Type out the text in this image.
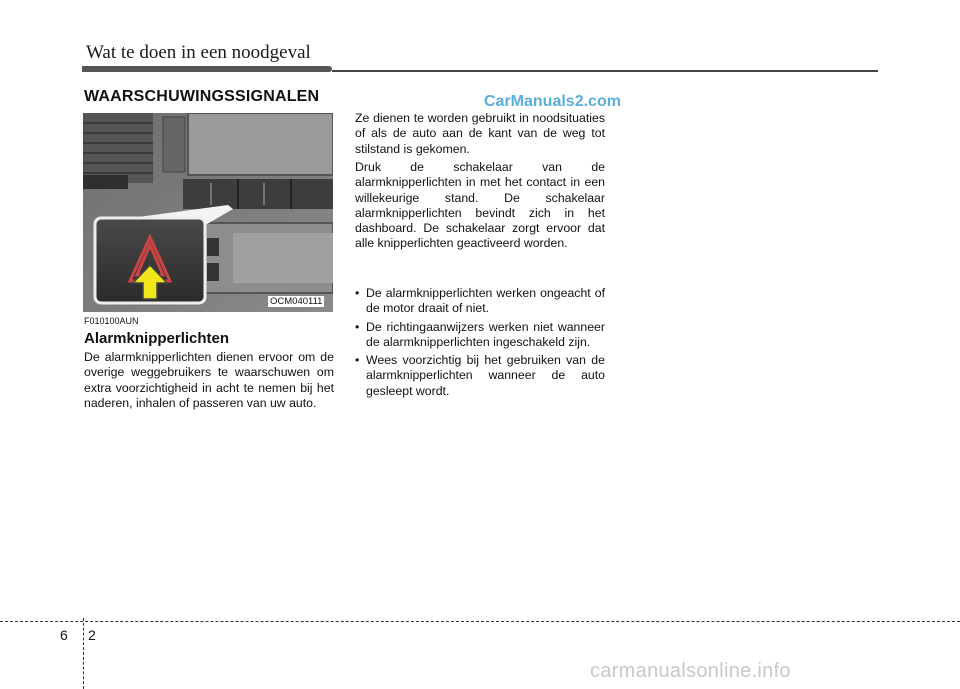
Wat te doen in een noodgeval
WAARSCHUWINGSSIGNALEN	CarManuals2.com
OCM040111
F010100AUN
Alarmknipperlichten
De alarmknipperlichten dienen ervoor om de overige weggebruikers te waarschuwen om extra voorzichtigheid in acht te nemen bij het naderen, inhalen of passeren van uw auto.
Ze dienen te worden gebruikt in noodsituaties of als de auto aan de kant van de weg tot stilstand is gekomen.
Druk de schakelaar van de alarmknipperlichten in met het contact in een willekeurige stand. De schakelaar alarmknipperlichten bevindt zich in het dashboard. De schakelaar zorgt ervoor dat alle knipperlichten geactiveerd worden.
• De alarmknipperlichten werken ongeacht of de motor draait of niet.
• De richtingaanwijzers werken niet wanneer de alarmknipperlichten ingeschakeld zijn.
• Wees voorzichtig bij het gebruiken van de alarmknipperlichten wanneer de auto gesleept wordt.
6 2
carmanualsonline.info
